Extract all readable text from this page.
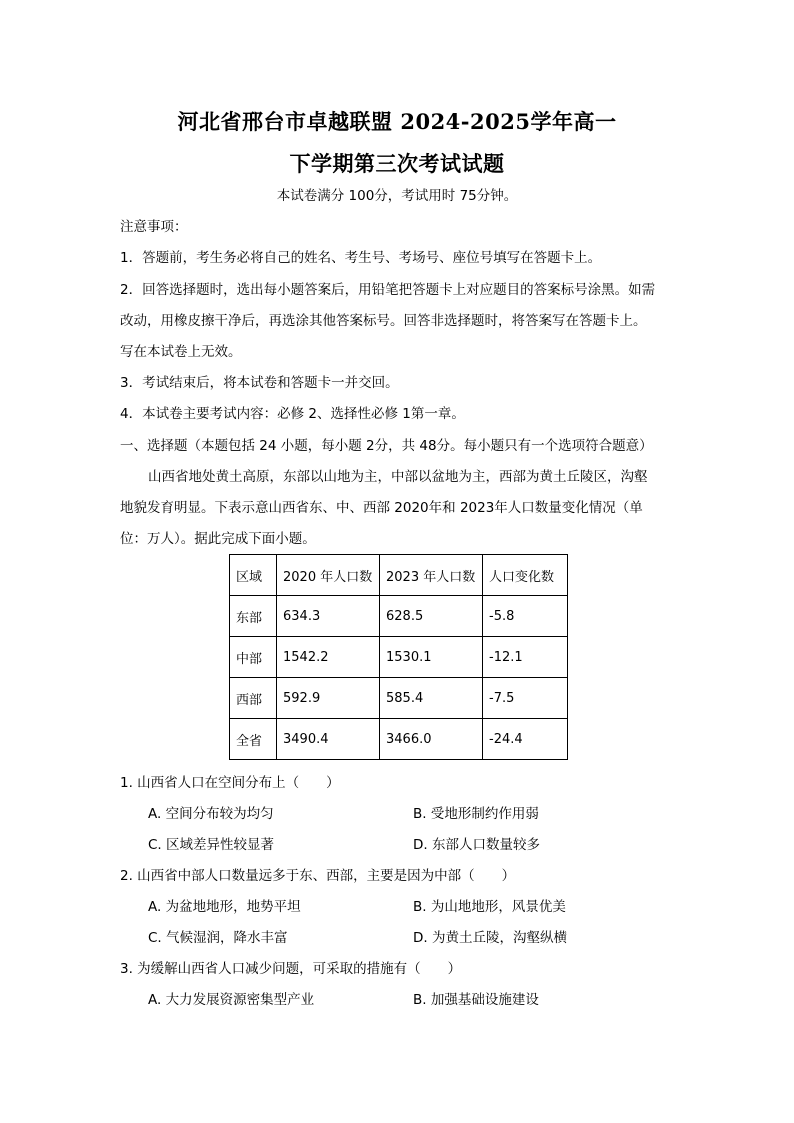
河北省邢台市卓越联盟 2024-2025学年高一
下学期第三次考试试题
本试卷满分 100分，考试用时 75分钟。
注意事项：
1．答题前，考生务必将自己的姓名、考生号、考场号、座位号填写在答题卡上。
2．回答选择题时，选出每小题答案后，用铅笔把答题卡上对应题目的答案标号涂黑。如需
改动，用橡皮擦干净后，再选涂其他答案标号。回答非选择题时，将答案写在答题卡上。
写在本试卷上无效。
3．考试结束后，将本试卷和答题卡一并交回。
4．本试卷主要考试内容：必修 2、选择性必修 1第一章。
一、选择题（本题包括 24 小题，每小题 2分，共 48分。每小题只有一个选项符合题意）
山西省地处黄土高原，东部以山地为主，中部以盆地为主，西部为黄土丘陵区，沟壑
地貌发育明显。下表示意山西省东、中、西部 2020年和 2023年人口数量变化情况（单
位：万人）。据此完成下面小题。
区域	2020 年人口数	2023 年人口数	人口变化数
东部	634.3	628.5	-5.8
中部	1542.2	1530.1	-12.1
西部	592.9	585.4	-7.5
全省	3490.4	3466.0	-24.4
1. 山西省人口在空间分布上（　　）
A. 空间分布较为均匀	B. 受地形制约作用弱
C. 区域差异性较显著	D. 东部人口数量较多
2. 山西省中部人口数量远多于东、西部，主要是因为中部（　　）
A. 为盆地地形，地势平坦	B. 为山地地形，风景优美
C. 气候湿润，降水丰富	D. 为黄土丘陵，沟壑纵横
3. 为缓解山西省人口减少问题，可采取的措施有（　　）
A. 大力发展资源密集型产业	B. 加强基础设施建设
